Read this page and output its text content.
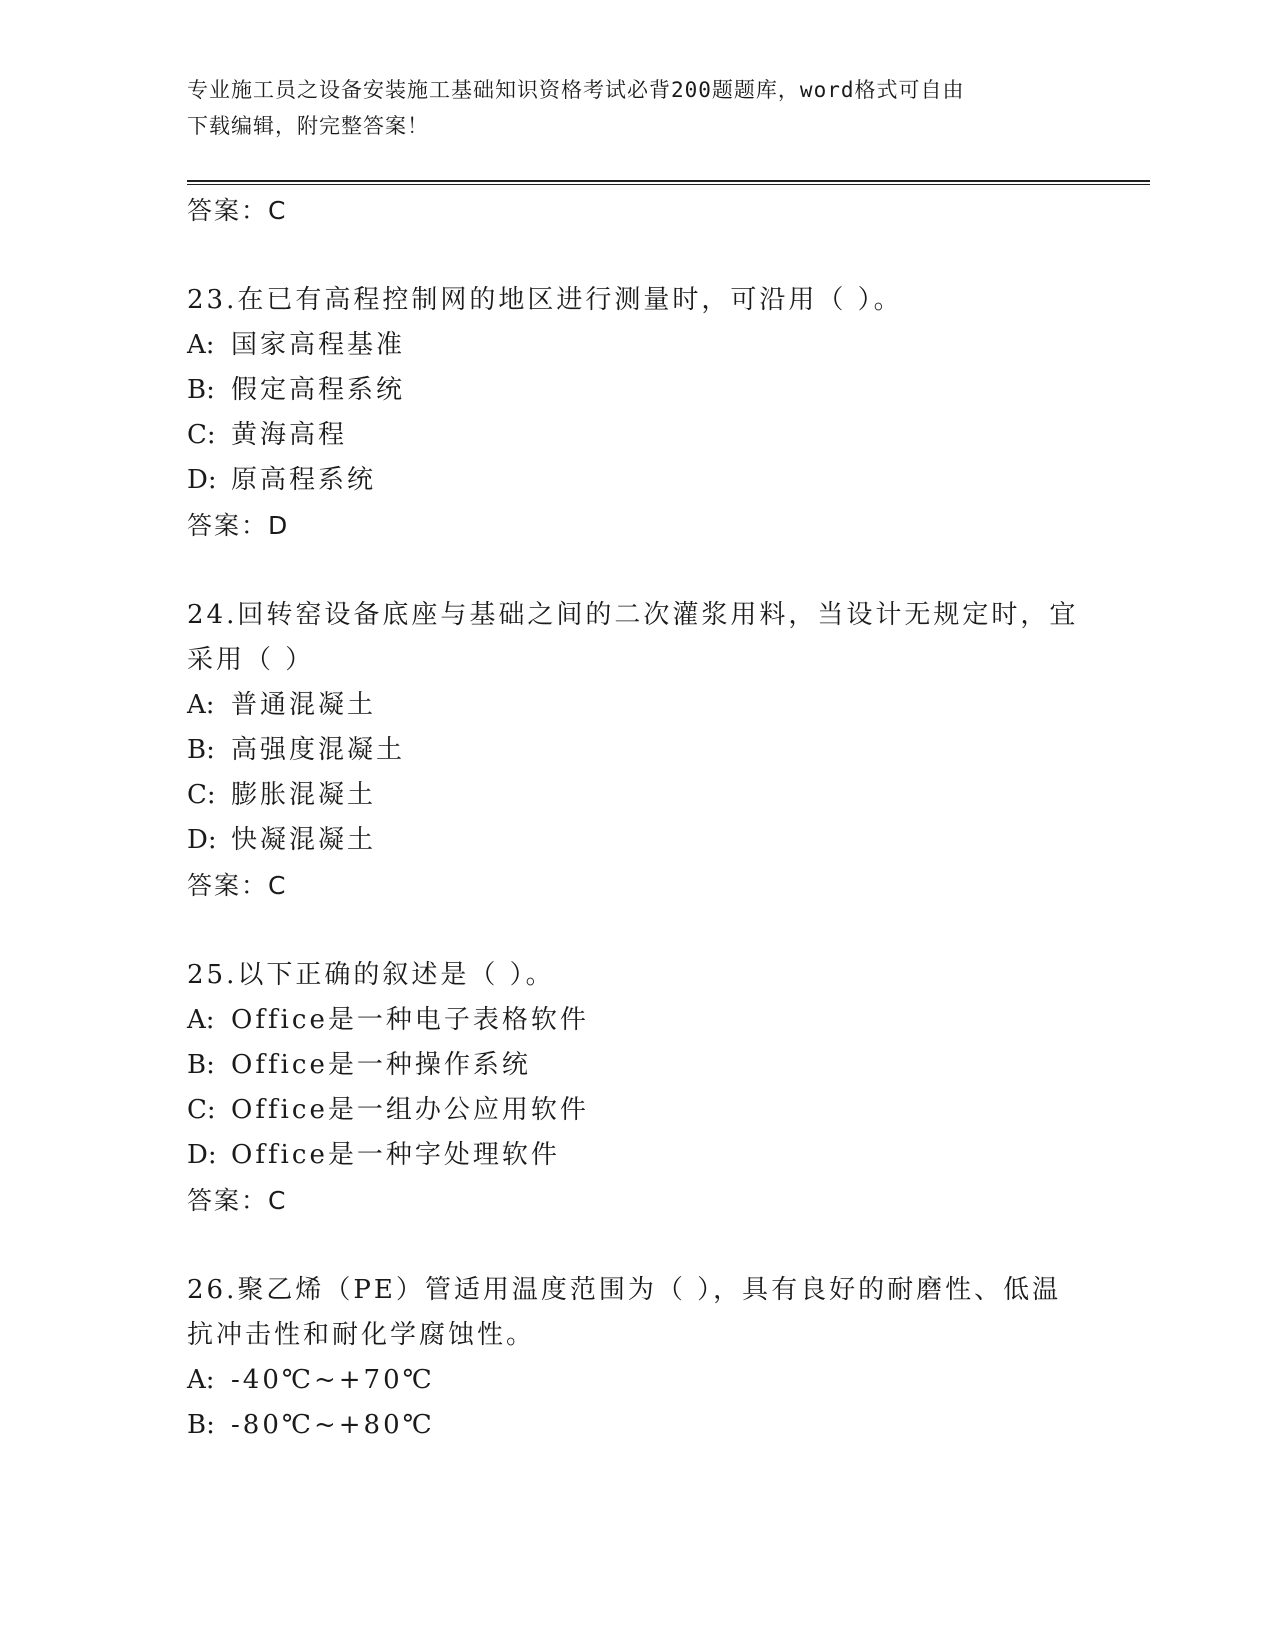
专业施工员之设备安装施工基础知识资格考试必背200题题库，word格式可自由
下载编辑，附完整答案！
答案：C

23.在已有高程控制网的地区进行测量时，可沿用（ ）。

A: 国家高程基准
B: 假定高程系统
C: 黄海高程
D: 原高程系统
答案：D

24.回转窑设备底座与基础之间的二次灌浆用料，当设计无规定时，宜
采用（ ）

A: 普通混凝土
B: 高强度混凝土
C: 膨胀混凝土
D: 快凝混凝土
答案：C

25.以下正确的叙述是（ ）。

A: Office是一种电子表格软件
B: Office是一种操作系统
C: Office是一组办公应用软件
D: Office是一种字处理软件
答案：C

26.聚乙烯（PE）管适用温度范围为（ ），具有良好的耐磨性、低温
抗冲击性和耐化学腐蚀性。

A: -40℃~+70℃
B: -80℃~+80℃
